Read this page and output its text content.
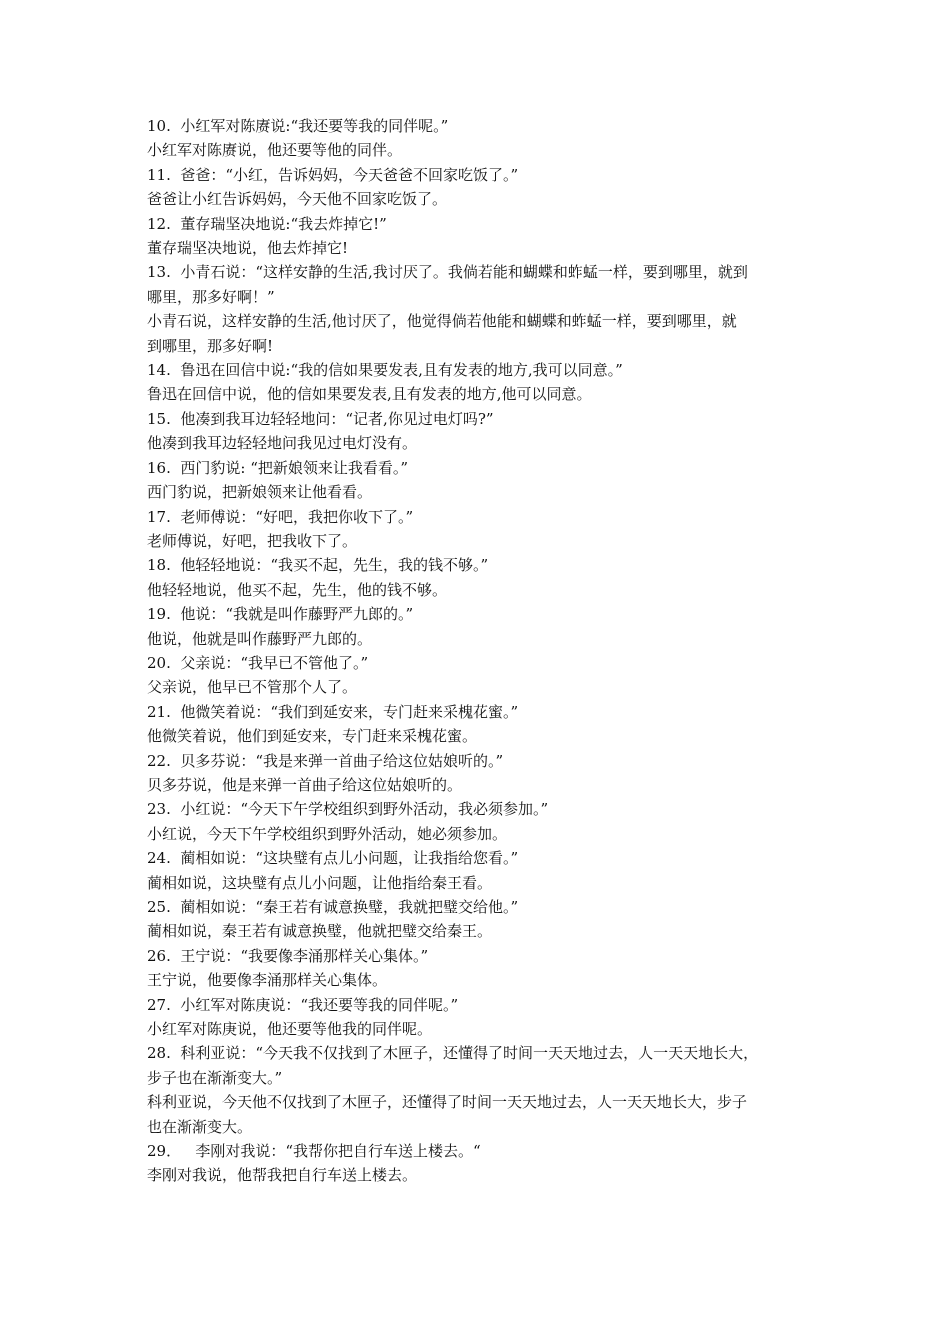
10.  小红军对陈赓说:“我还要等我的同伴呢。”

小红军对陈赓说，他还要等他的同伴。

11.  爸爸：“小红，告诉妈妈，今天爸爸不回家吃饭了。”

爸爸让小红告诉妈妈，今天他不回家吃饭了。

12.  董存瑞坚决地说:“我去炸掉它!”

董存瑞坚决地说，他去炸掉它!

13.  小青石说：“这样安静的生活,我讨厌了。我倘若能和蝴蝶和蚱蜢一样，要到哪里，就到

哪里，那多好啊！”

小青石说，这样安静的生活,他讨厌了，他觉得倘若他能和蝴蝶和蚱蜢一样，要到哪里，就

到哪里，那多好啊!

14.  鲁迅在回信中说:“我的信如果要发表,且有发表的地方,我可以同意。”

鲁迅在回信中说，他的信如果要发表,且有发表的地方,他可以同意。

15.  他凑到我耳边轻轻地问：“记者,你见过电灯吗?”

他凑到我耳边轻轻地问我见过电灯没有。

16.  西门豹说: “把新娘领来让我看看。”

西门豹说，把新娘领来让他看看。

17.  老师傅说：“好吧，我把你收下了。”

老师傅说，好吧，把我收下了。

18.  他轻轻地说：“我买不起，先生，我的钱不够。”

他轻轻地说，他买不起，先生，他的钱不够。

19.  他说：“我就是叫作藤野严九郎的。”

他说，他就是叫作藤野严九郎的。

20.  父亲说：“我早已不管他了。”

父亲说，他早已不管那个人了。

21.  他微笑着说：“我们到延安来，专门赶来采槐花蜜。”

他微笑着说，他们到延安来，专门赶来采槐花蜜。

22.  贝多芬说：“我是来弹一首曲子给这位姑娘听的。”

贝多芬说，他是来弹一首曲子给这位姑娘听的。

23.  小红说：“今天下午学校组织到野外活动，我必须参加。”

小红说，今天下午学校组织到野外活动，她必须参加。

24.  蔺相如说：“这块璧有点儿小问题，让我指给您看。”

蔺相如说，这块璧有点儿小问题，让他指给秦王看。

25.  蔺相如说：“秦王若有诚意换璧，我就把璧交给他。”

蔺相如说，秦王若有诚意换璧，他就把璧交给秦王。

26.  王宁说：“我要像李涌那样关心集体。”

王宁说，他要像李涌那样关心集体。

27.  小红军对陈庚说：“我还要等我的同伴呢。”

小红军对陈庚说，他还要等他我的同伴呢。

28.  科利亚说：“今天我不仅找到了木匣子，还懂得了时间一天天地过去，人一天天地长大，

步子也在渐渐变大。”

科利亚说，今天他不仅找到了木匣子，还懂得了时间一天天地过去，人一天天地长大，步子

也在渐渐变大。

29．   李刚对我说：“我帮你把自行车送上楼去。“

李刚对我说，他帮我把自行车送上楼去。
